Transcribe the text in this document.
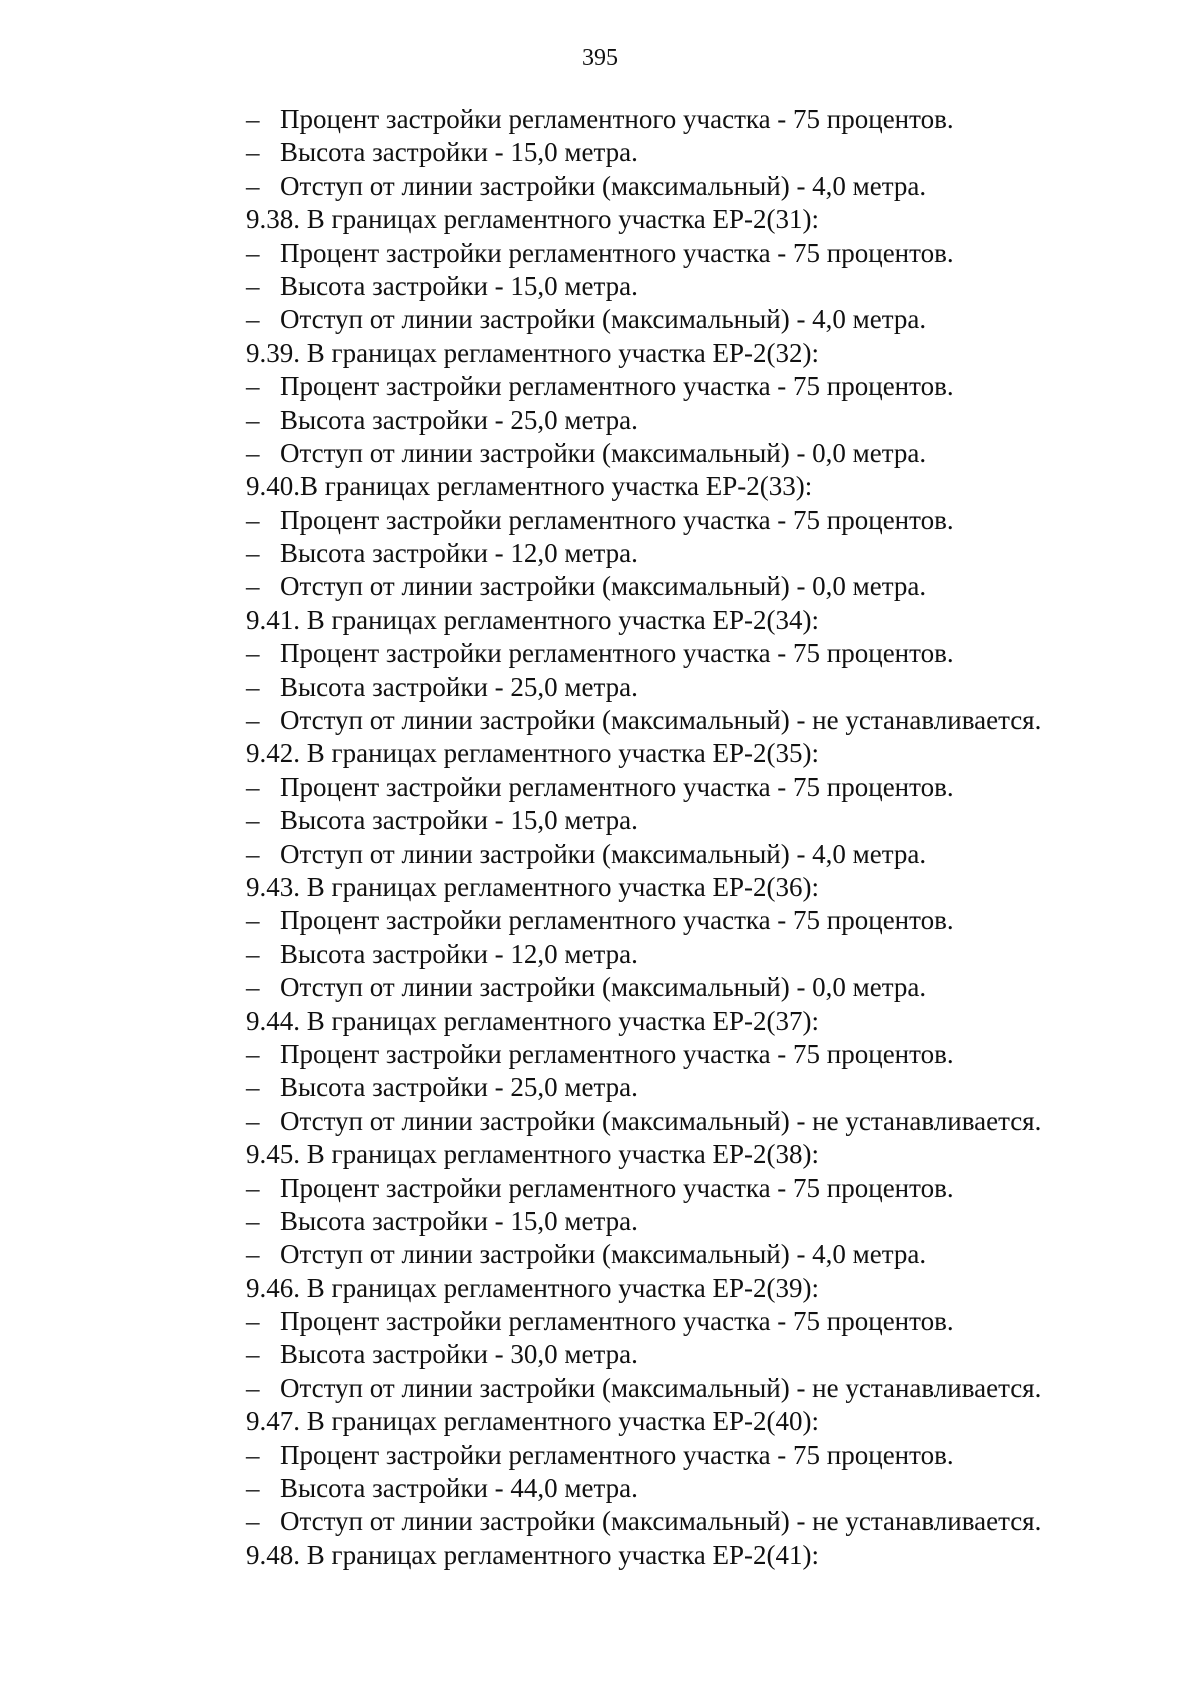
395
– Процент застройки регламентного участка - 75 процентов.
– Высота застройки - 15,0 метра.
– Отступ от линии застройки (максимальный) - 4,0 метра.
9.38. В границах регламентного участка ЕР-2(31):
– Процент застройки регламентного участка - 75 процентов.
– Высота застройки - 15,0 метра.
– Отступ от линии застройки (максимальный) - 4,0 метра.
9.39. В границах регламентного участка ЕР-2(32):
– Процент застройки регламентного участка - 75 процентов.
– Высота застройки - 25,0 метра.
– Отступ от линии застройки (максимальный) - 0,0 метра.
9.40.В границах регламентного участка ЕР-2(33):
– Процент застройки регламентного участка - 75 процентов.
– Высота застройки - 12,0 метра.
– Отступ от линии застройки (максимальный) - 0,0 метра.
9.41. В границах регламентного участка ЕР-2(34):
– Процент застройки регламентного участка - 75 процентов.
– Высота застройки - 25,0 метра.
– Отступ от линии застройки (максимальный) - не устанавливается.
9.42. В границах регламентного участка ЕР-2(35):
– Процент застройки регламентного участка - 75 процентов.
– Высота застройки - 15,0 метра.
– Отступ от линии застройки (максимальный) - 4,0 метра.
9.43. В границах регламентного участка ЕР-2(36):
– Процент застройки регламентного участка - 75 процентов.
– Высота застройки - 12,0 метра.
– Отступ от линии застройки (максимальный) - 0,0 метра.
9.44. В границах регламентного участка ЕР-2(37):
– Процент застройки регламентного участка - 75 процентов.
– Высота застройки - 25,0 метра.
– Отступ от линии застройки (максимальный) - не устанавливается.
9.45. В границах регламентного участка ЕР-2(38):
– Процент застройки регламентного участка - 75 процентов.
– Высота застройки - 15,0 метра.
– Отступ от линии застройки (максимальный) - 4,0 метра.
9.46. В границах регламентного участка ЕР-2(39):
– Процент застройки регламентного участка - 75 процентов.
– Высота застройки - 30,0 метра.
– Отступ от линии застройки (максимальный) - не устанавливается.
9.47. В границах регламентного участка ЕР-2(40):
– Процент застройки регламентного участка - 75 процентов.
– Высота застройки - 44,0 метра.
– Отступ от линии застройки (максимальный) - не устанавливается.
9.48. В границах регламентного участка ЕР-2(41):
